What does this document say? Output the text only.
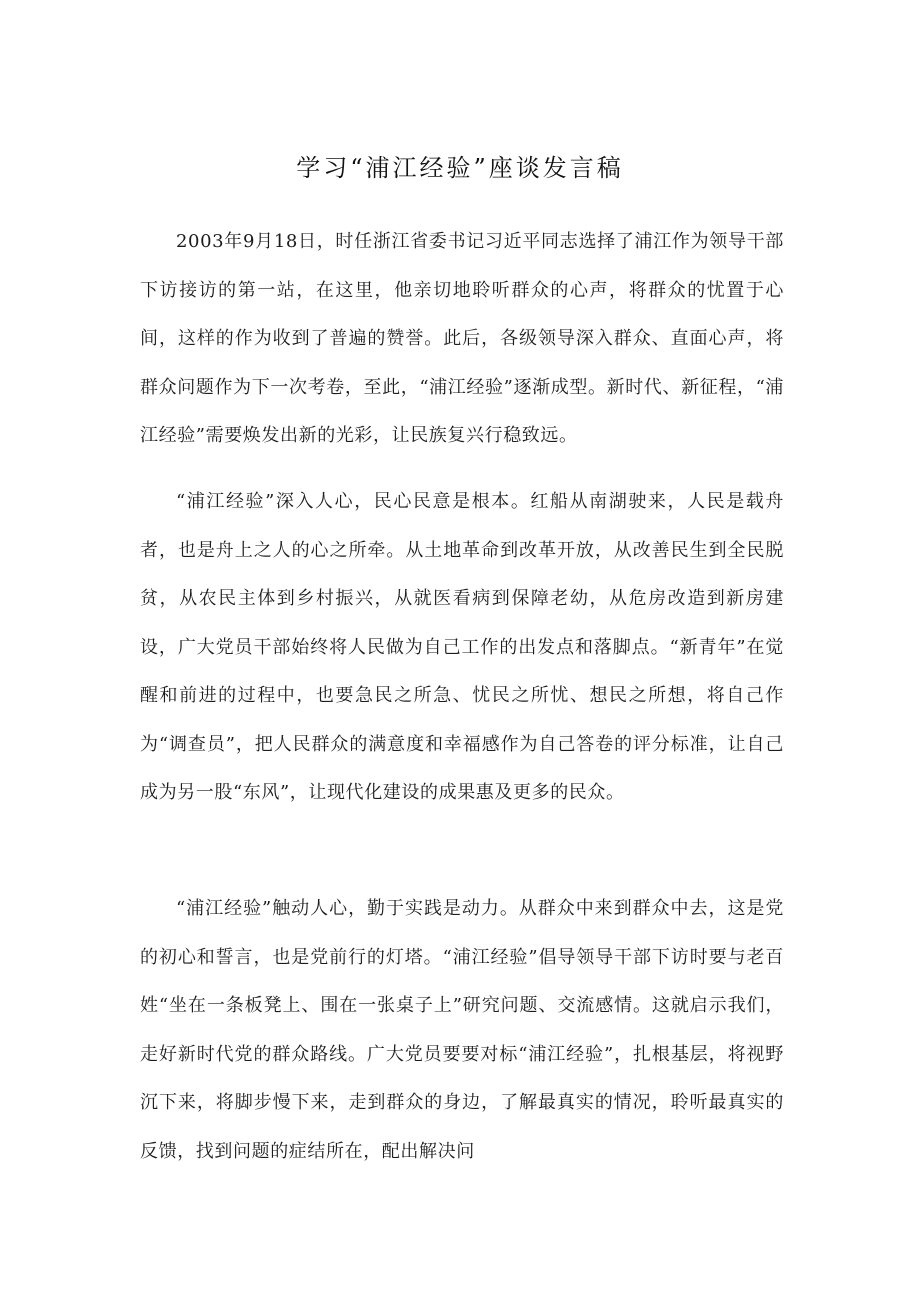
学习“浦江经验”座谈发言稿

2003年9月18日，时任浙江省委书记习近平同志选择了浦江作为领导干部下访接访的第一站，在这里，他亲切地聆听群众的心声，将群众的忧置于心间，这样的作为收到了普遍的赞誉。此后，各级领导深入群众、直面心声，将群众问题作为下一次考卷，至此，“浦江经验”逐渐成型。新时代、新征程，“浦江经验”需要焕发出新的光彩，让民族复兴行稳致远。

“浦江经验”深入人心，民心民意是根本。红船从南湖驶来，人民是载舟者，也是舟上之人的心之所牵。从土地革命到改革开放，从改善民生到全民脱贫，从农民主体到乡村振兴，从就医看病到保障老幼，从危房改造到新房建设，广大党员干部始终将人民做为自己工作的出发点和落脚点。“新青年”在觉醒和前进的过程中，也要急民之所急、忧民之所忧、想民之所想，将自己作为“调查员”，把人民群众的满意度和幸福感作为自己答卷的评分标准，让自己成为另一股“东风”，让现代化建设的成果惠及更多的民众。

“浦江经验”触动人心，勤于实践是动力。从群众中来到群众中去，这是党的初心和誓言，也是党前行的灯塔。“浦江经验”倡导领导干部下访时要与老百姓“坐在一条板凳上、围在一张桌子上”研究问题、交流感情。这就启示我们，走好新时代党的群众路线。广大党员要要对标“浦江经验”，扎根基层，将视野沉下来，将脚步慢下来，走到群众的身边，了解最真实的情况，聆听最真实的反馈，找到问题的症结所在，配出解决问
